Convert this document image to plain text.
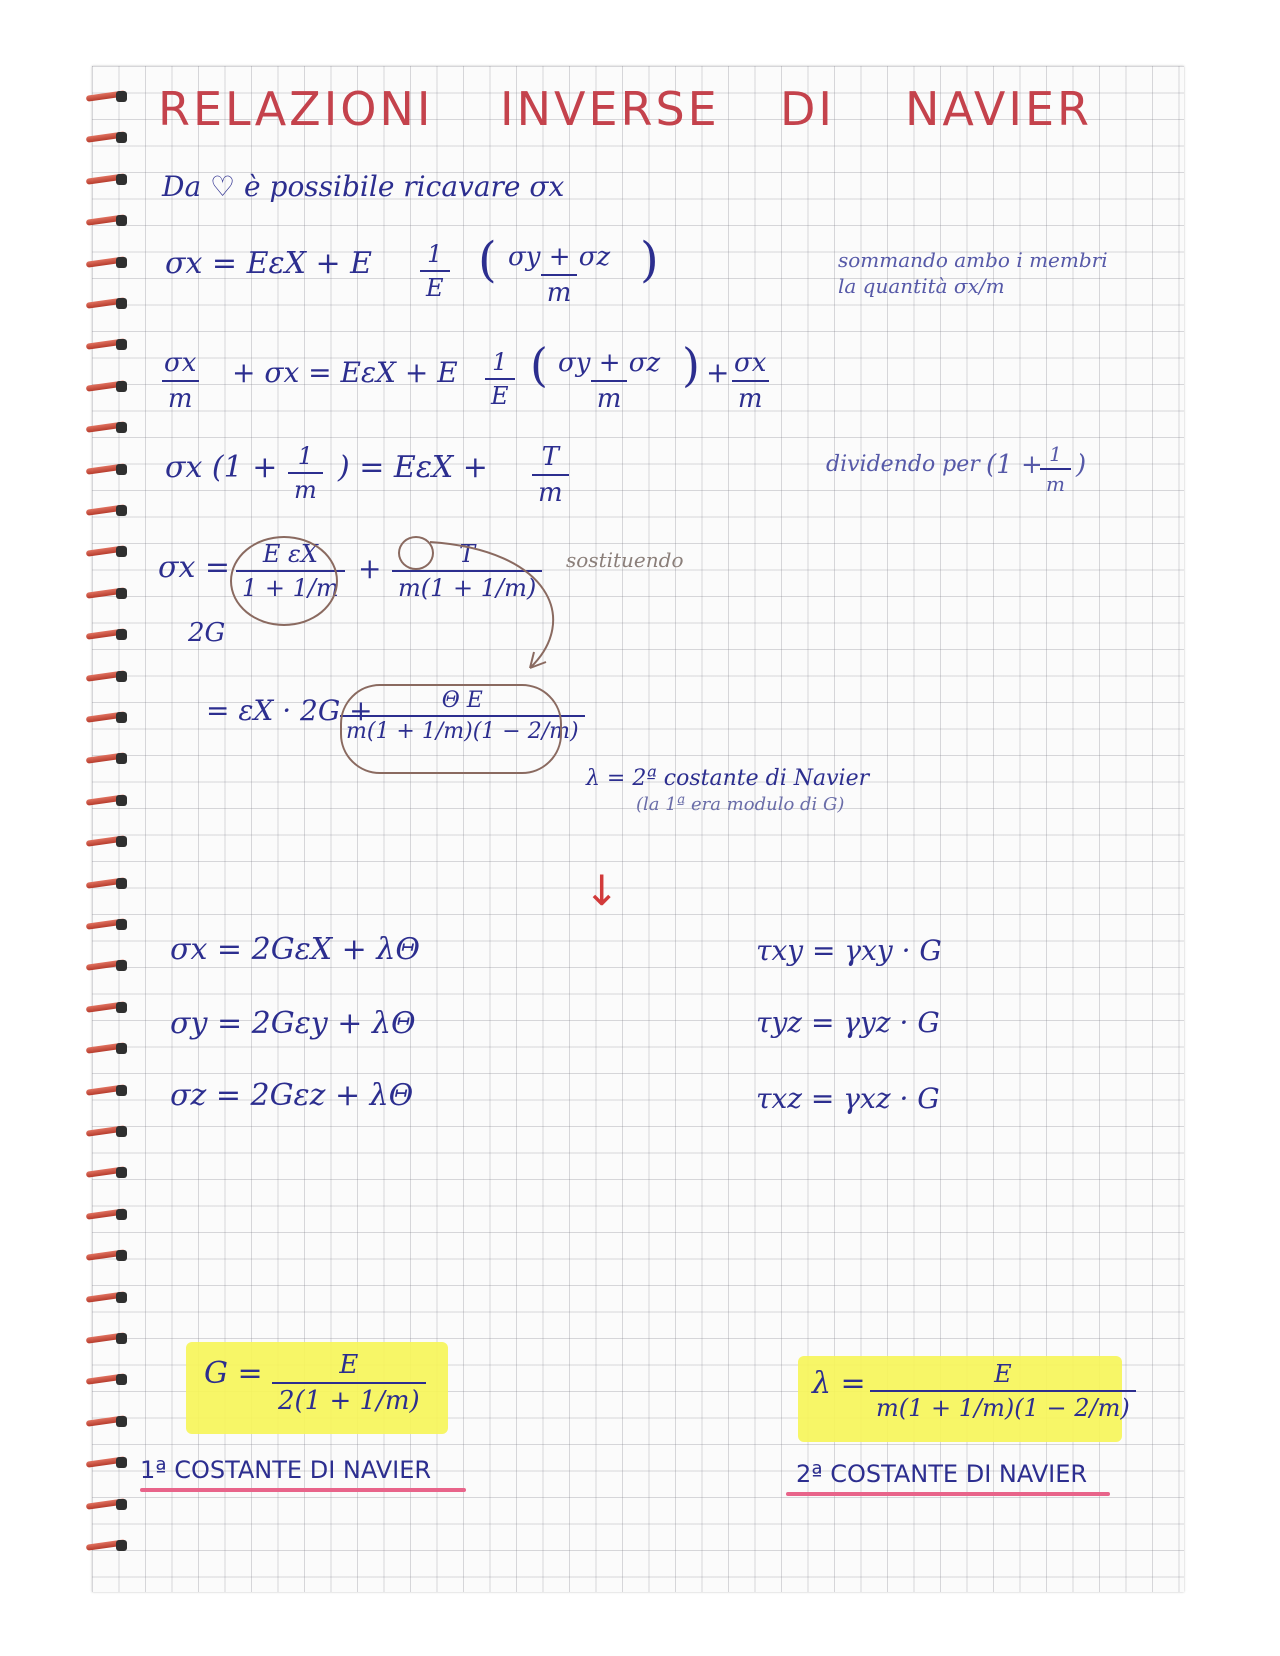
RELAZIONI INVERSE DI NAVIER
Da ♡ è possibile ricavare σx
σx = EεX + E $\frac{1}{E}$ ( $\frac{\sigma y + \sigma z}{m}$ )	sommando ambo i membri
la quantità σx/m
$\frac{\sigma x}{m} + \sigma x = E\varepsilon X + E \frac{1}{E}$ ( $\frac{\sigma y + \sigma z}{m}$ ) +
$\frac{\sigma x}{m}$
σx ($1 + \frac{1}{m}$ ) = $E\varepsilon X + \frac{T}{m}$	dividendo per (1 +
$\frac{1}{m}$ )
$\sigma x = \frac{\text{E εX}}{1 + 1/m} + \frac{T}{m(1 + 1/m)}$
2G
sostituendo
= εX · 2G +
$\frac{\text{Θ E}}{m(1 + 1/m)(1 - 2/m)}$
λ = 2ª costante di Navier
(la 1ª era modulo di G)
↓
σx = 2GεX + λΘ
σy = 2Gεy + λΘ
σz = 2Gεz + λΘ
τxy = γxy · G
τyz = γyz · G
τxz = γxz · G
$G = \frac{E}{2(1 + 1/m)}$	$\lambda = \frac{E}{m(1 + 1/m)(1 - 2/m)}$
1ª COSTANTE DI NAVIER	2ª COSTANTE DI NAVIER
